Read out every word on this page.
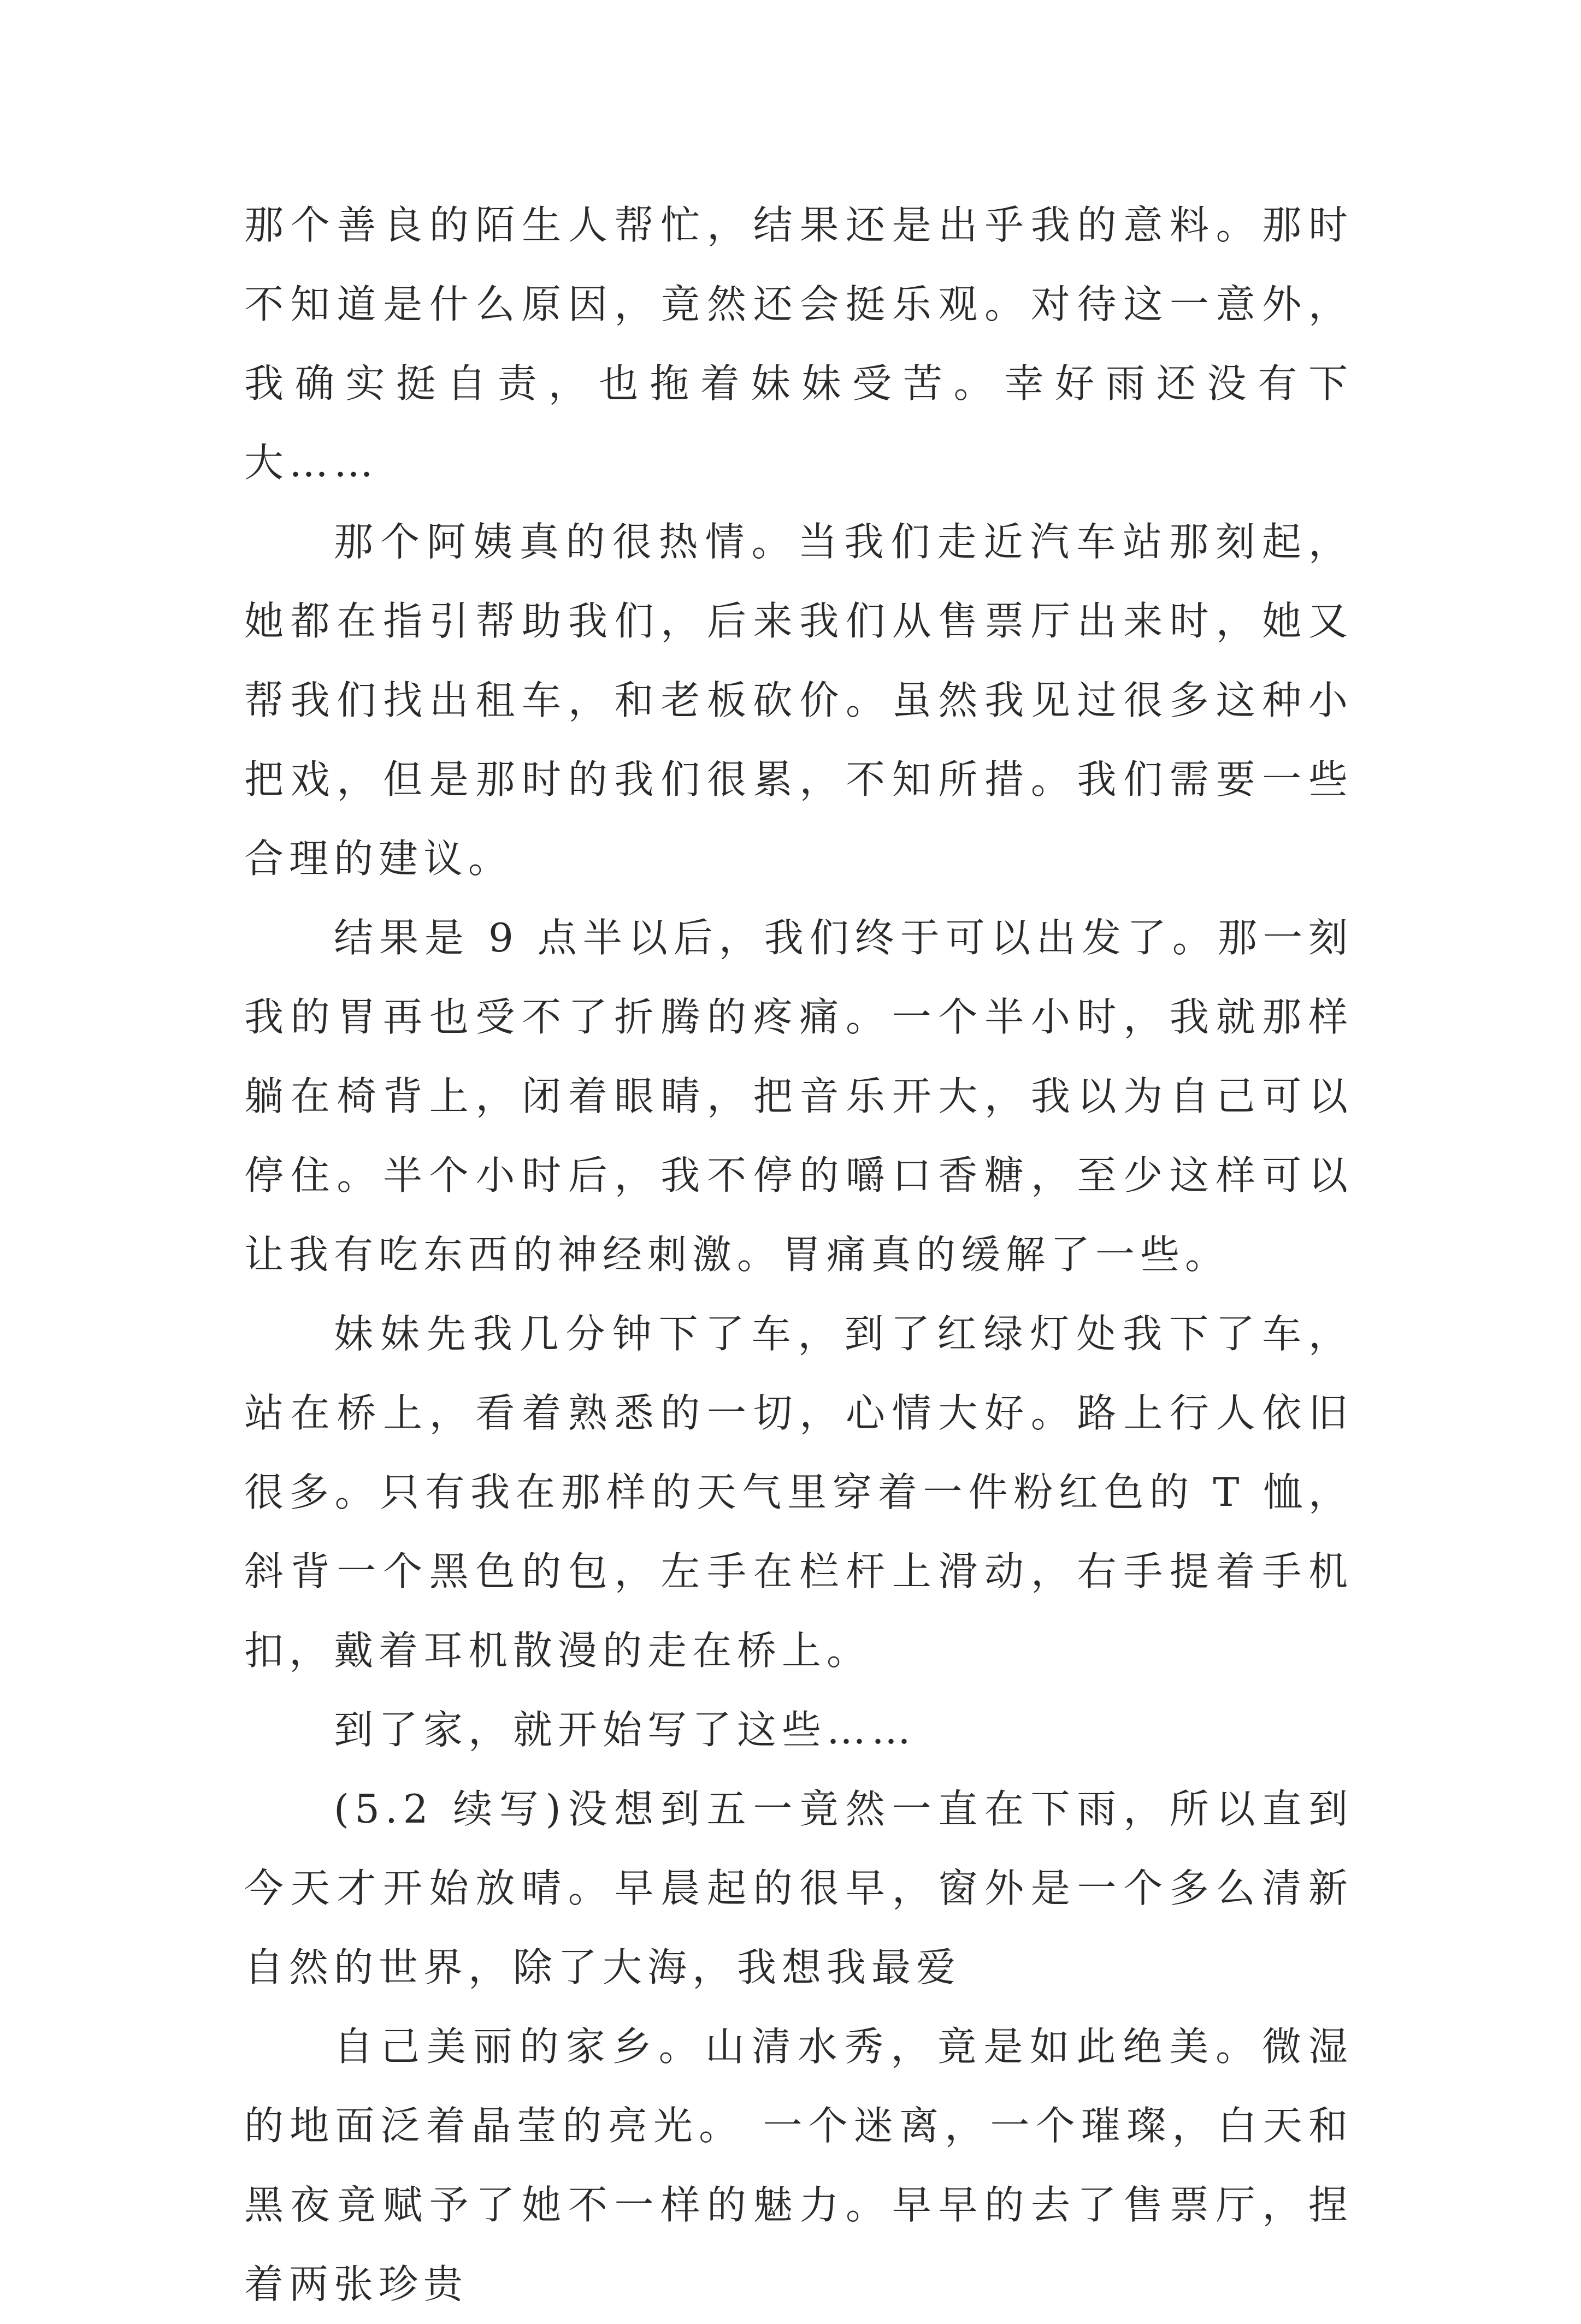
那个善良的陌生人帮忙，结果还是出乎我的意料。那时不知道是什么原因，竟然还会挺乐观。对待这一意外，我确实挺自责，也拖着妹妹受苦。幸好雨还没有下大……

那个阿姨真的很热情。当我们走近汽车站那刻起，她都在指引帮助我们，后来我们从售票厅出来时，她又帮我们找出租车，和老板砍价。虽然我见过很多这种小把戏，但是那时的我们很累，不知所措。我们需要一些合理的建议。

结果是 9 点半以后，我们终于可以出发了。那一刻我的胃再也受不了折腾的疼痛。一个半小时，我就那样躺在椅背上，闭着眼睛，把音乐开大，我以为自己可以停住。半个小时后，我不停的嚼口香糖，至少这样可以让我有吃东西的神经刺激。胃痛真的缓解了一些。

妹妹先我几分钟下了车，到了红绿灯处我下了车，站在桥上，看着熟悉的一切，心情大好。路上行人依旧很多。只有我在那样的天气里穿着一件粉红色的 T 恤，斜背一个黑色的包，左手在栏杆上滑动，右手提着手机扣，戴着耳机散漫的走在桥上。

到了家，就开始写了这些……

(5.2 续写)没想到五一竟然一直在下雨，所以直到今天才开始放晴。早晨起的很早，窗外是一个多么清新自然的世界，除了大海，我想我最爱

自己美丽的家乡。山清水秀，竟是如此绝美。微湿的地面泛着晶莹的亮光。 一个迷离，一个璀璨，白天和黑夜竟赋予了她不一样的魅力。早早的去了售票厅，捏着两张珍贵
